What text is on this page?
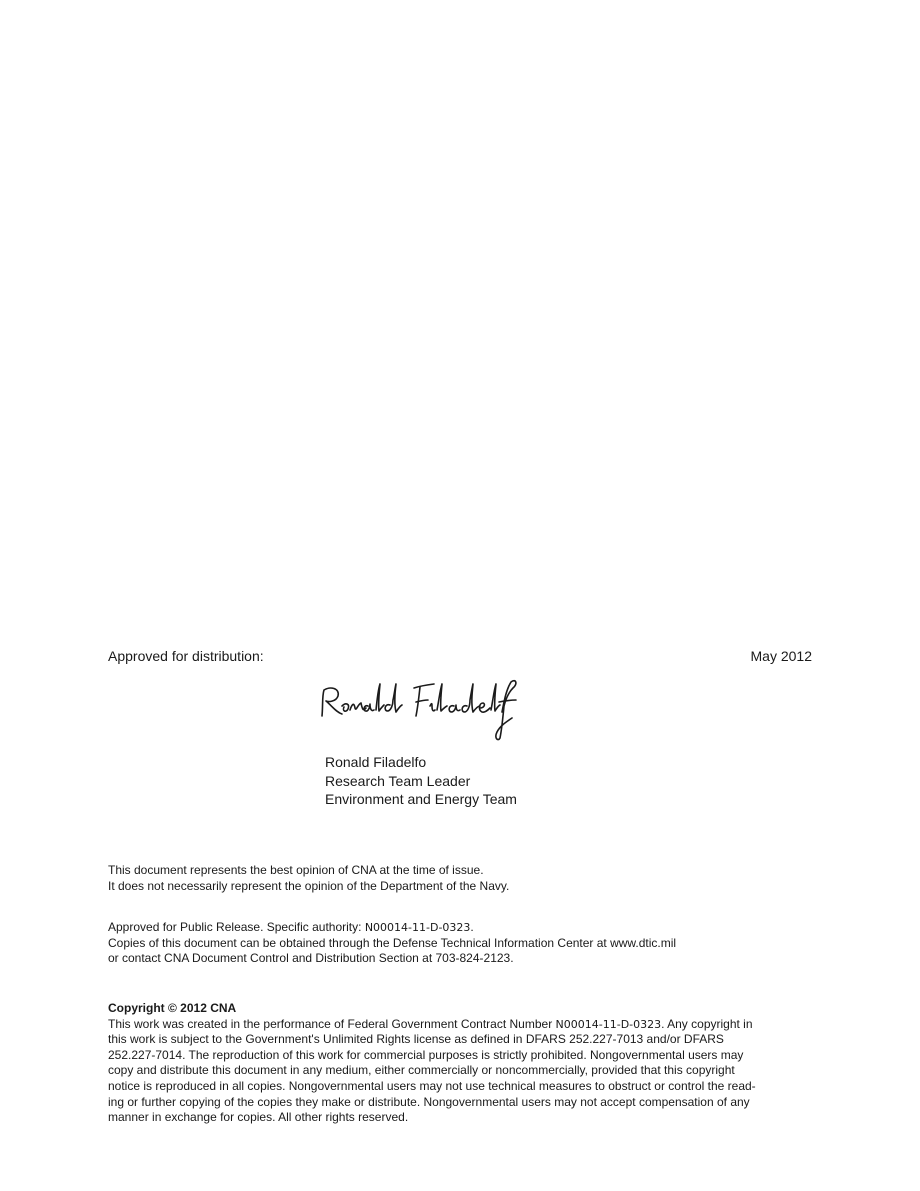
Approved for distribution:	May 2012
Ronald Filadelfo
Research Team Leader
Environment and Energy Team
This document represents the best opinion of CNA at the time of issue.
It does not necessarily represent the opinion of the Department of the Navy.
Approved for Public Release. Specific authority: N00014-11-D-0323.
Copies of this document can be obtained through the Defense Technical Information Center at www.dtic.mil
or contact CNA Document Control and Distribution Section at 703-824-2123.
Copyright © 2012 CNA
This work was created in the performance of Federal Government Contract Number N00014-11-D-0323. Any copyright in
this work is subject to the Government's Unlimited Rights license as defined in DFARS 252.227-7013 and/or DFARS
252.227-7014. The reproduction of this work for commercial purposes is strictly prohibited. Nongovernmental users may
copy and distribute this document in any medium, either commercially or noncommercially, provided that this copyright
notice is reproduced in all copies. Nongovernmental users may not use technical measures to obstruct or control the read-
ing or further copying of the copies they make or distribute. Nongovernmental users may not accept compensation of any
manner in exchange for copies. All other rights reserved.
